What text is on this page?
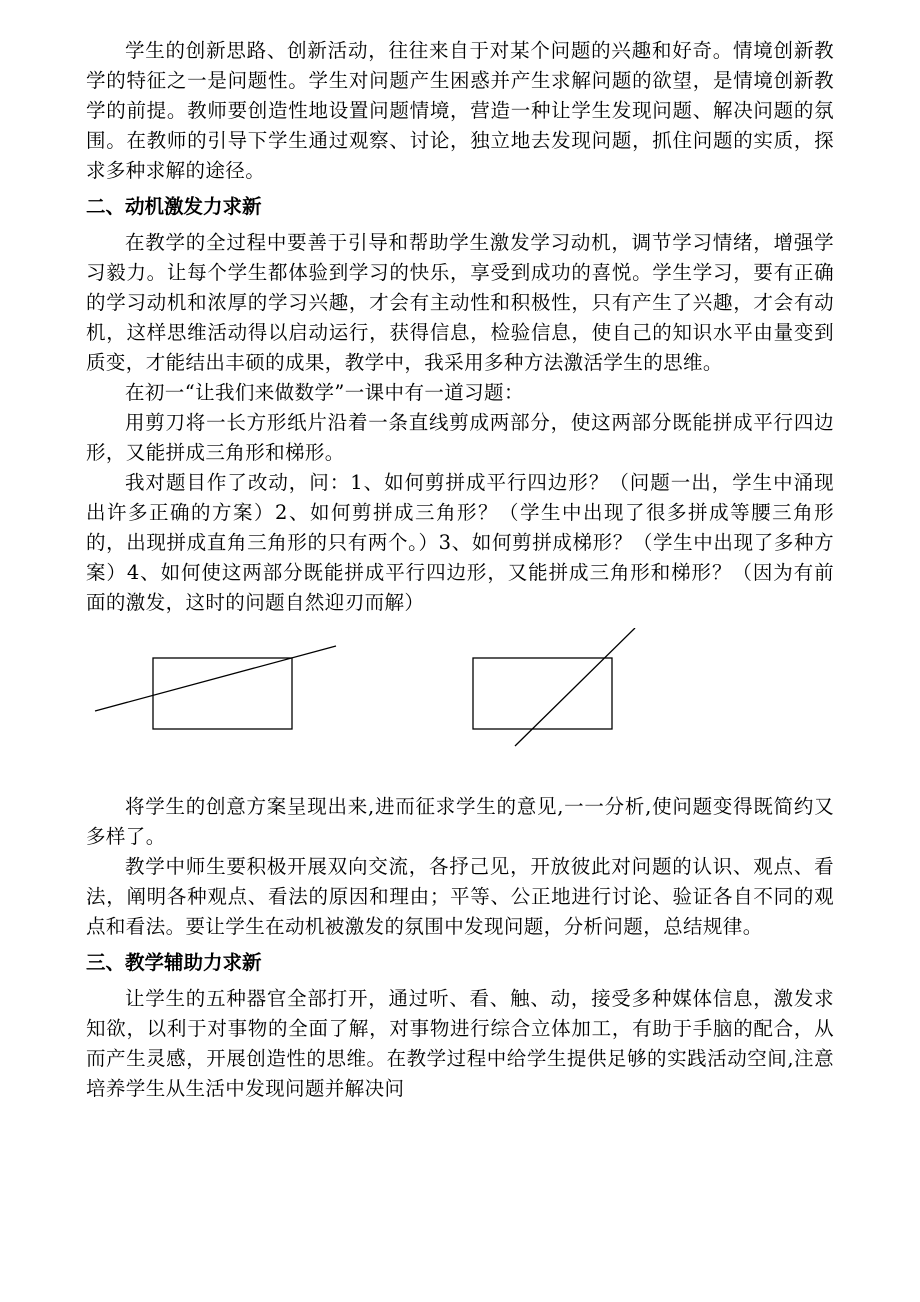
学生的创新思路、创新活动，往往来自于对某个问题的兴趣和好奇。情境创新教学的特征之一是问题性。学生对问题产生困惑并产生求解问题的欲望，是情境创新教学的前提。教师要创造性地设置问题情境，营造一种让学生发现问题、解决问题的氛围。在教师的引导下学生通过观察、讨论，独立地去发现问题，抓住问题的实质，探求多种求解的途径。

二、动机激发力求新

在教学的全过程中要善于引导和帮助学生激发学习动机，调节学习情绪，增强学习毅力。让每个学生都体验到学习的快乐，享受到成功的喜悦。学生学习，要有正确的学习动机和浓厚的学习兴趣，才会有主动性和积极性，只有产生了兴趣，才会有动机，这样思维活动得以启动运行，获得信息，检验信息，使自己的知识水平由量变到质变，才能结出丰硕的成果，教学中，我采用多种方法激活学生的思维。

在初一“让我们来做数学”一课中有一道习题：

用剪刀将一长方形纸片沿着一条直线剪成两部分，使这两部分既能拼成平行四边形，又能拼成三角形和梯形。

我对题目作了改动，问：1、如何剪拼成平行四边形？（问题一出，学生中涌现出许多正确的方案）2、如何剪拼成三角形？（学生中出现了很多拼成等腰三角形的，出现拼成直角三角形的只有两个。）3、如何剪拼成梯形？（学生中出现了多种方案）4、如何使这两部分既能拼成平行四边形，又能拼成三角形和梯形？（因为有前面的激发，这时的问题自然迎刃而解）

将学生的创意方案呈现出来,进而征求学生的意见,一一分析,使问题变得既简约又多样了。

教学中师生要积极开展双向交流，各抒己见，开放彼此对问题的认识、观点、看法，阐明各种观点、看法的原因和理由；平等、公正地进行讨论、验证各自不同的观点和看法。要让学生在动机被激发的氛围中发现问题，分析问题，总结规律。

三、教学辅助力求新

让学生的五种器官全部打开，通过听、看、触、动，接受多种媒体信息，激发求知欲，以利于对事物的全面了解，对事物进行综合立体加工，有助于手脑的配合，从而产生灵感，开展创造性的思维。在教学过程中给学生提供足够的实践活动空间,注意培养学生从生活中发现问题并解决问
